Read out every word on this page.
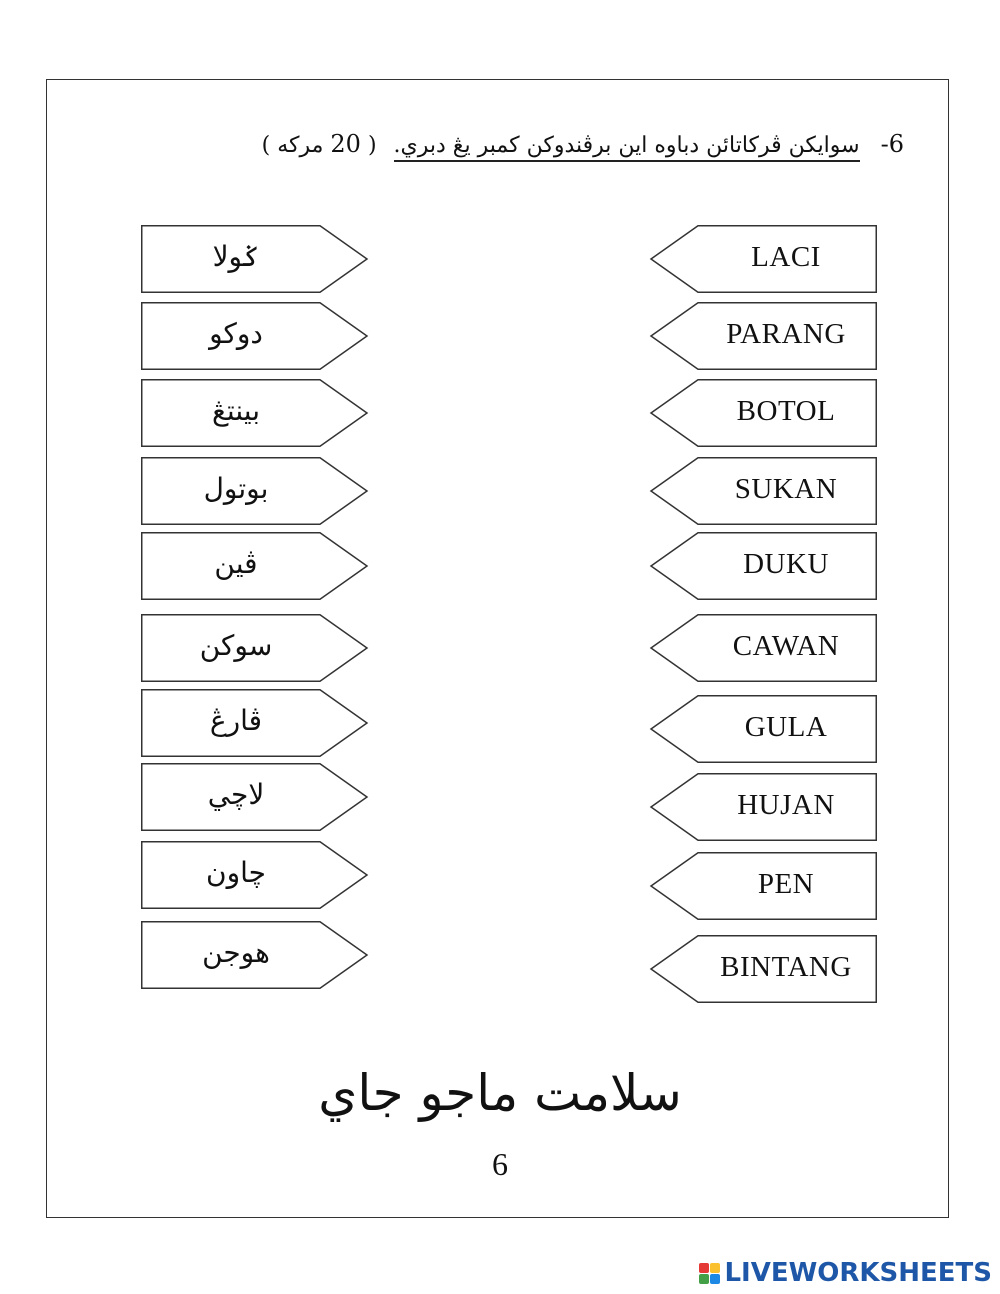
6- سوايکن ڤرکاتائن دباوه اين برڤندوکن کمبر يڠ دبري. ( 20 مرکه )
ݢولا
دوکو
بينتڠ
بوتول
ڤين
سوکن
ڤارڠ
لاچي
چاون
هوجن
LACI
PARANG
BOTOL
SUKAN
DUKU
CAWAN
GULA
HUJAN
PEN
BINTANG
سلامت ماجو جاي
6
LIVEWORKSHEETS
